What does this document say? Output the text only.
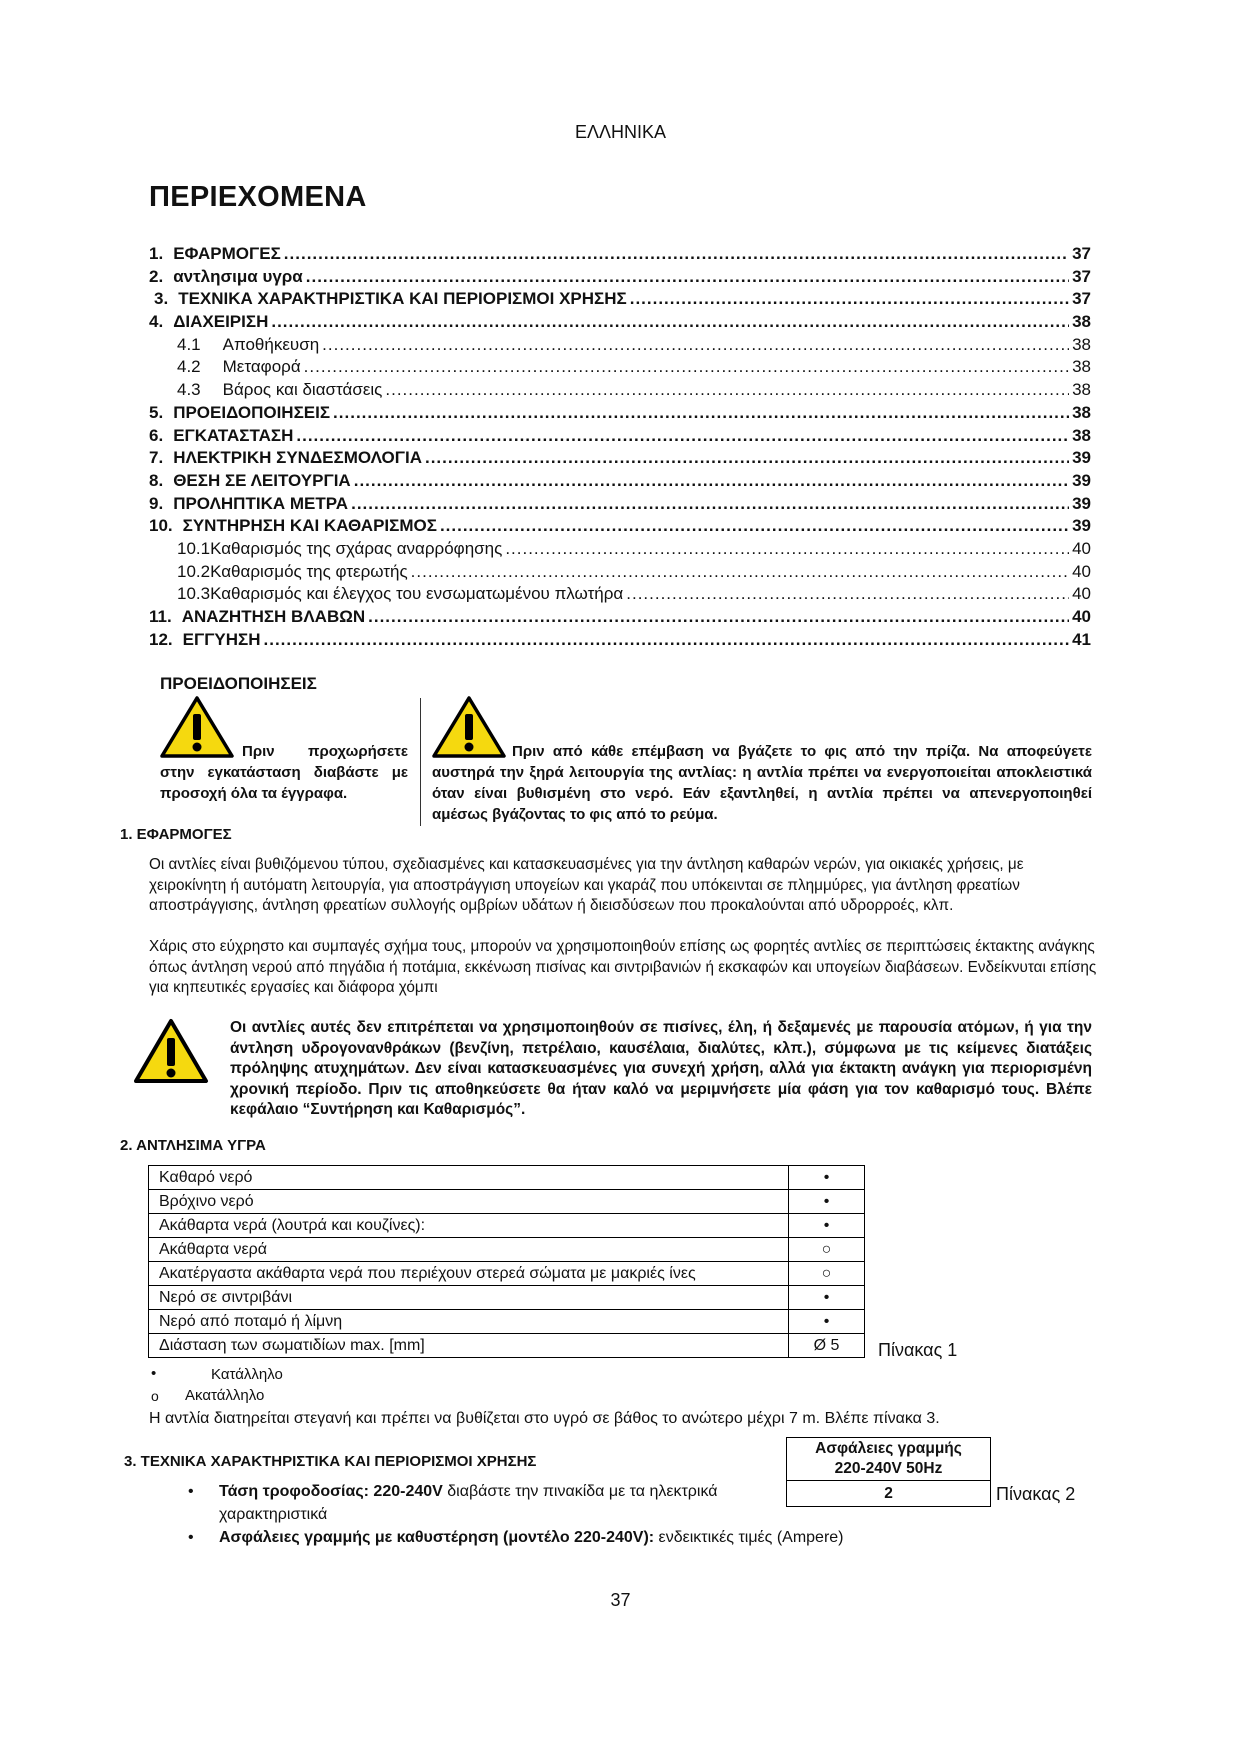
ΕΛΛΗΝΙΚΑ
ΠΕΡΙΕΧΟΜΕΝΑ
1. ΕΦΑΡΜΟΓΕΣ .....	37
2. αντλησιμα υγρα .....	37
3. ΤΕΧΝΙΚΑ ΧΑΡΑΚΤΗΡΙΣΤΙΚΑ ΚΑΙ ΠΕΡΙΟΡΙΣΜΟΙ ΧΡΗΣΗΣ .....	37
4. ΔΙΑΧΕΙΡΙΣΗ .....	38
4.1 Αποθήκευση .....	38
4.2 Μεταφορά .....	38
4.3 Βάρος και διαστάσεις .....	38
5. ΠΡΟΕΙΔΟΠΟΙΗΣΕΙΣ .....	38
6. ΕΓΚΑΤΑΣΤΑΣΗ .....	38
7. ΗΛΕΚΤΡΙΚΗ ΣΥΝΔΕΣΜΟΛΟΓΙΑ .....	39
8. ΘΕΣΗ ΣΕ ΛΕΙΤΟΥΡΓΙΑ .....	39
9. ΠΡΟΛΗΠΤΙΚΑ ΜΕΤΡΑ .....	39
10. ΣΥΝΤΗΡΗΣΗ ΚΑΙ ΚΑΘΑΡΙΣΜΟΣ .....	39
10.1 Καθαρισμός της σχάρας αναρρόφησης .....	40
10.2 Καθαρισμός της φτερωτής .....	40
10.3 Καθαρισμός και έλεγχος του ενσωματωμένου πλωτήρα .....	40
11. ΑΝΑΖΗΤΗΣΗ ΒΛΑΒΩΝ .....	40
12. ΕΓΓΥΗΣΗ .....	41
ΠΡΟΕΙΔΟΠΟΙΗΣΕΙΣ
Πριν προχωρήσετε στην εγκατάσταση διαβάστε με προσοχή όλα τα έγγραφα.
Πριν από κάθε επέμβαση να βγάζετε το φις από την πρίζα. Να αποφεύγετε αυστηρά την ξηρά λειτουργία της αντλίας: η αντλία πρέπει να ενεργοποιείται αποκλειστικά όταν είναι βυθισμένη στο νερό. Εάν εξαντληθεί, η αντλία πρέπει να απενεργοποιηθεί αμέσως βγάζοντας το φις από το ρεύμα.
1. ΕΦΑΡΜΟΓΕΣ
Οι αντλίες είναι βυθιζόμενου τύπου, σχεδιασμένες και κατασκευασμένες για την άντληση καθαρών νερών, για οικιακές χρήσεις, με χειροκίνητη ή αυτόματη λειτουργία, για αποστράγγιση υπογείων και γκαράζ που υπόκεινται σε πλημμύρες, για άντληση φρεατίων αποστράγγισης, άντληση φρεατίων συλλογής ομβρίων υδάτων ή διεισδύσεων που προκαλούνται από υδρορροές, κλπ.
Χάρις στο εύχρηστο και συμπαγές σχήμα τους, μπορούν να χρησιμοποιηθούν επίσης ως φορητές αντλίες σε περιπτώσεις έκτακτης ανάγκης όπως άντληση νερού από πηγάδια ή ποτάμια, εκκένωση πισίνας και σιντριβανιών ή εκσκαφών και υπογείων διαβάσεων. Ενδείκνυται επίσης για κηπευτικές εργασίες και διάφορα χόμπι
Οι αντλίες αυτές δεν επιτρέπεται να χρησιμοποιηθούν σε πισίνες, έλη, ή δεξαμενές με παρουσία ατόμων, ή για την άντληση υδρογονανθράκων (βενζίνη, πετρέλαιο, καυσέλαια, διαλύτες, κλπ.), σύμφωνα με τις κείμενες διατάξεις πρόληψης ατυχημάτων. Δεν είναι κατασκευασμένες για συνεχή χρήση, αλλά για έκτακτη ανάγκη για περιορισμένη χρονική περίοδο. Πριν τις αποθηκεύσετε θα ήταν καλό να μεριμνήσετε μία φάση για τον καθαρισμό τους. Βλέπε κεφάλαιο “Συντήρηση και Καθαρισμός”.
2. ΑΝΤΛΗΣΙΜΑ ΥΓΡΑ
Καθαρό νερό	•
Βρόχινο νερό	•
Ακάθαρτα νερά (λουτρά και κουζίνες):	•
Ακάθαρτα νερά	○
Ακατέργαστα ακάθαρτα νερά που περιέχουν στερεά σώματα με μακριές ίνες	○
Νερό σε σιντριβάνι	•
Νερό από ποταμό ή λίμνη	•
Διάσταση των σωματιδίων max. [mm]	Ø 5 Πίνακας 1
•	Κατάλληλο
o Ακατάλληλο
Η αντλία διατηρείται στεγανή και πρέπει να βυθίζεται στο υγρό σε βάθος το ανώτερο μέχρι 7 m. Βλέπε πίνακα 3.
3. ΤΕΧΝΙΚΑ ΧΑΡΑΚΤΗΡΙΣΤΙΚΑ ΚΑΙ ΠΕΡΙΟΡΙΣΜΟΙ ΧΡΗΣΗΣ
Ασφάλειες γραμμής
220-240V 50Hz
2	Πίνακας 2
• Τάση τροφοδοσίας: 220-240V διαβάστε την πινακίδα με τα ηλεκτρικά χαρακτηριστικά
• Ασφάλειες γραμμής με καθυστέρηση (μοντέλο 220-240V): ενδεικτικές τιμές (Ampere)
37
